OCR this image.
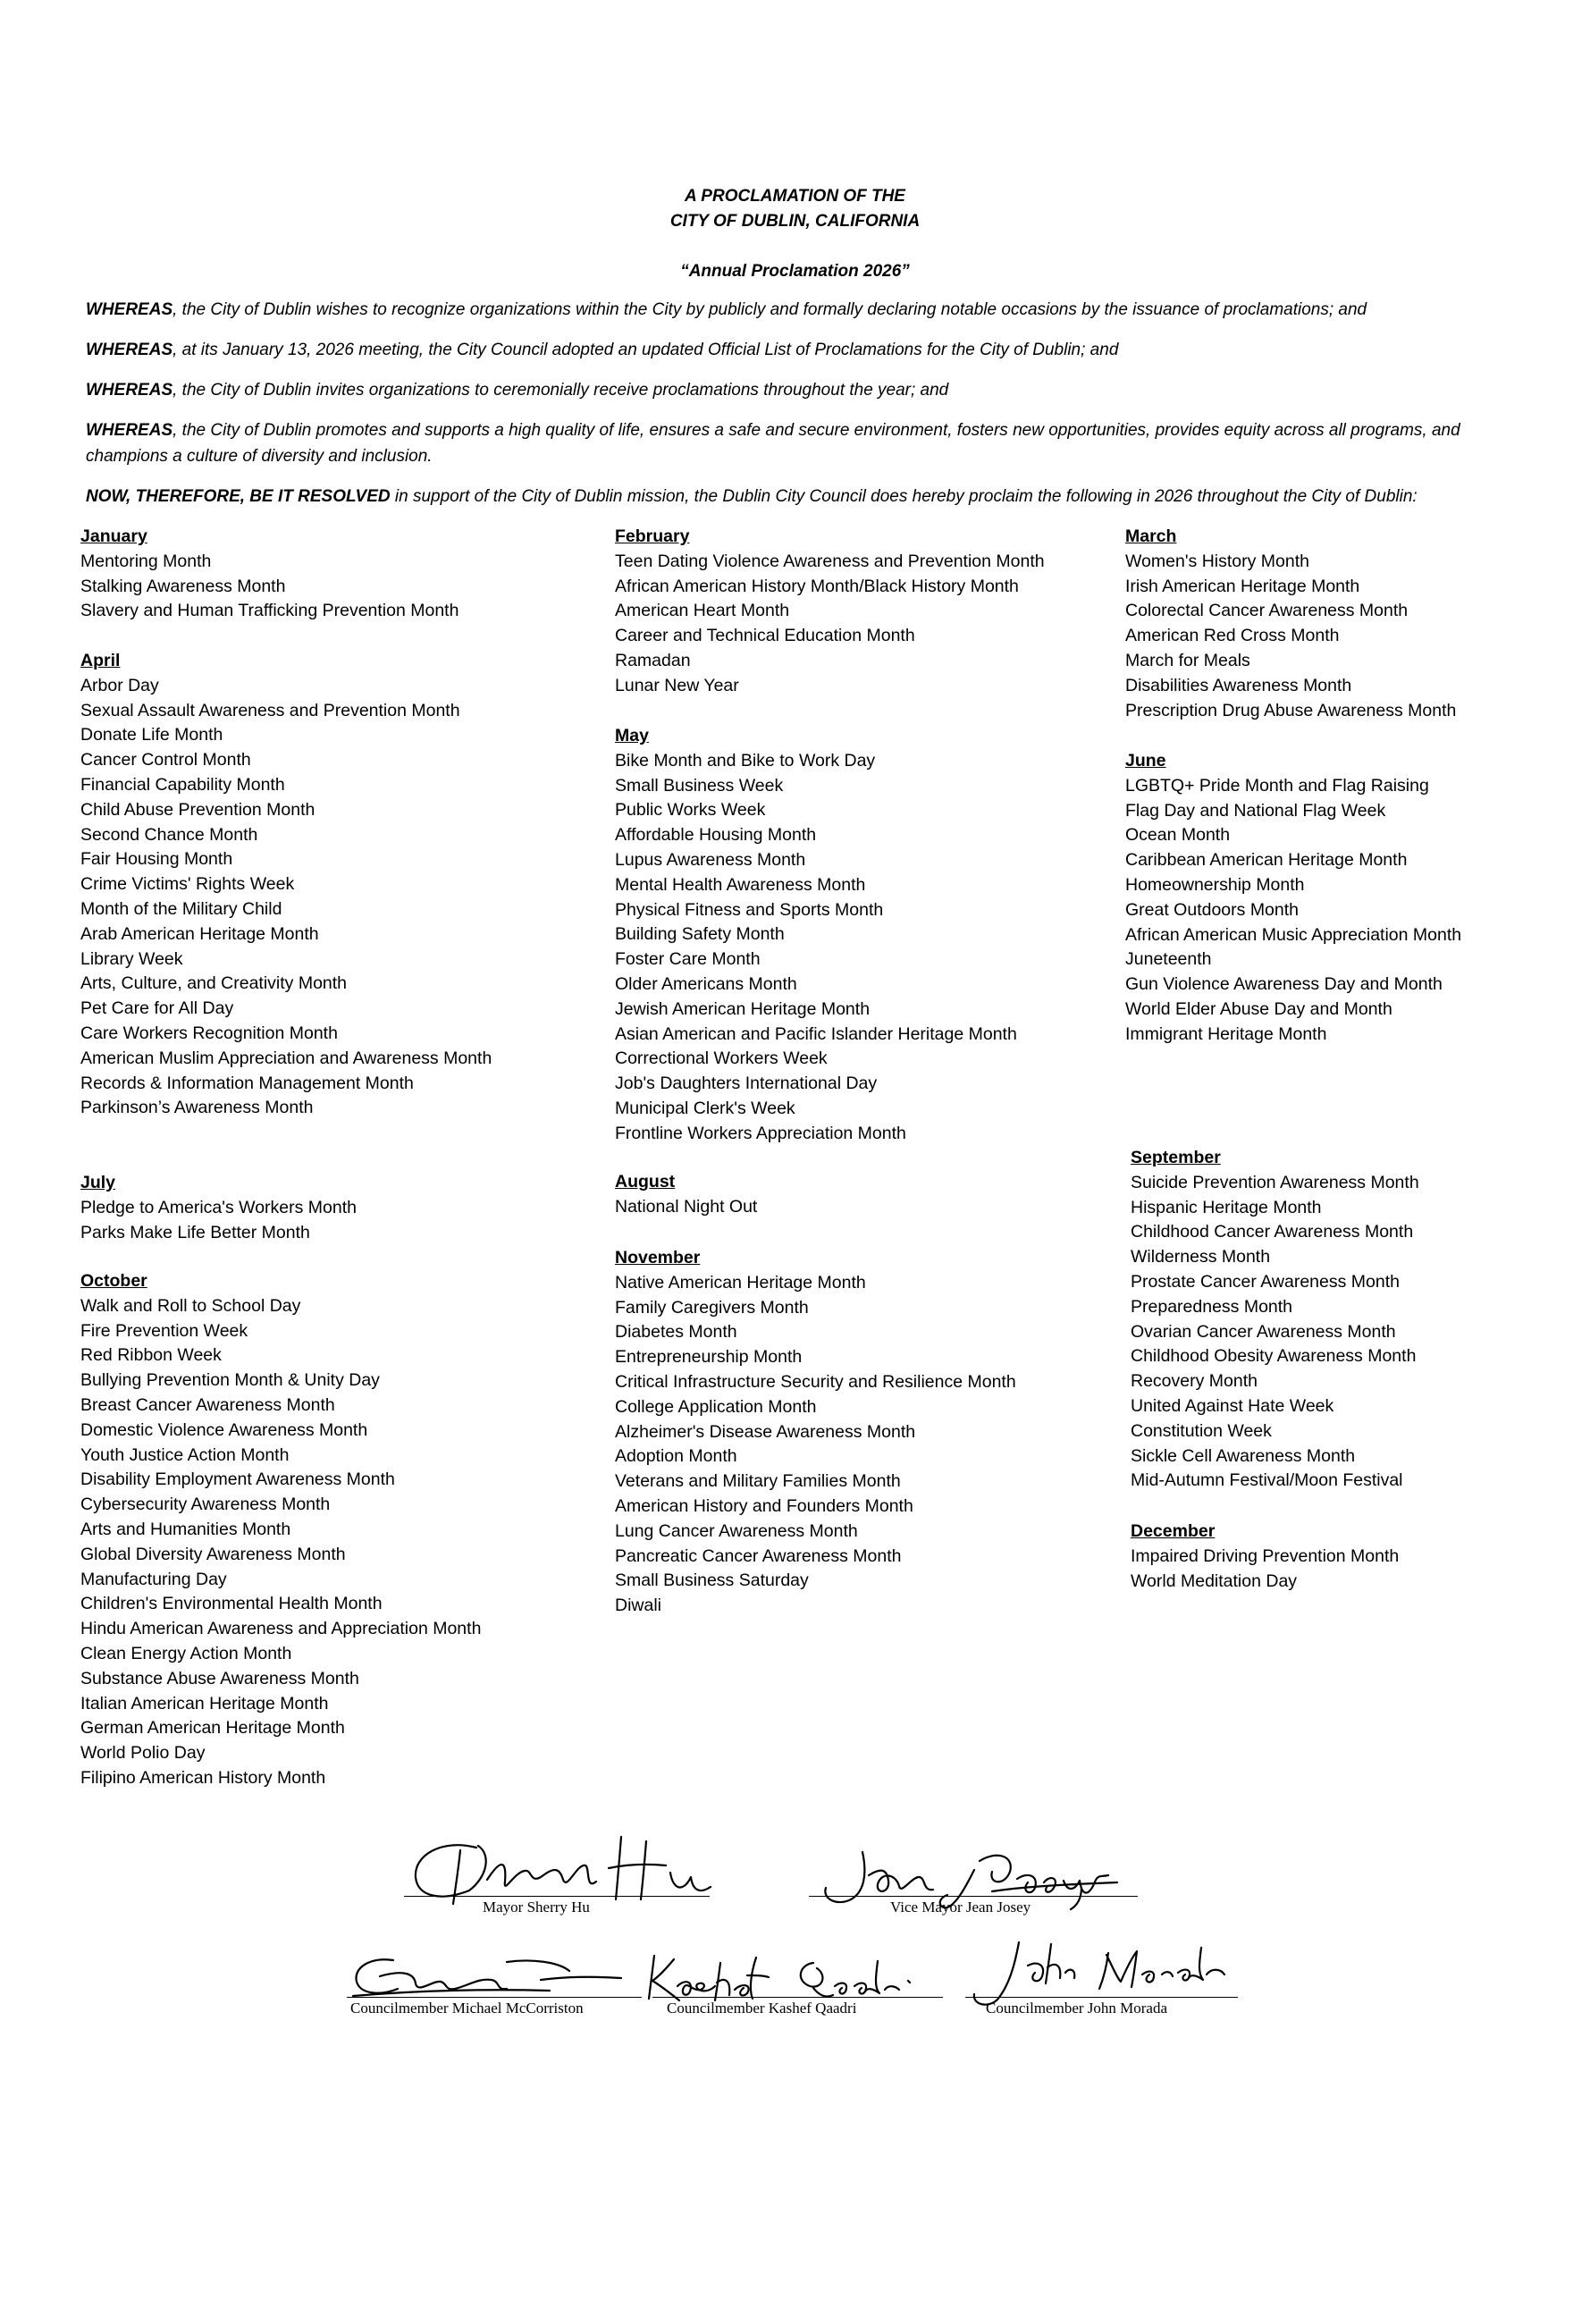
A PROCLAMATION OF THE
CITY OF DUBLIN, CALIFORNIA
“Annual Proclamation 2026”
WHEREAS, the City of Dublin wishes to recognize organizations within the City by publicly and formally declaring notable occasions by the issuance of proclamations; and
WHEREAS, at its January 13, 2026 meeting, the City Council adopted an updated Official List of Proclamations for the City of Dublin; and
WHEREAS, the City of Dublin invites organizations to ceremonially receive proclamations throughout the year; and
WHEREAS, the City of Dublin promotes and supports a high quality of life, ensures a safe and secure environment, fosters new opportunities, provides equity across all programs, and champions a culture of diversity and inclusion.
NOW, THEREFORE, BE IT RESOLVED in support of the City of Dublin mission, the Dublin City Council does hereby proclaim the following in 2026 throughout the City of Dublin:
January
Mentoring Month
Stalking Awareness Month
Slavery and Human Trafficking Prevention Month
April
Arbor Day
Sexual Assault Awareness and Prevention Month
Donate Life Month
Cancer Control Month
Financial Capability Month
Child Abuse Prevention Month
Second Chance Month
Fair Housing Month
Crime Victims' Rights Week
Month of the Military Child
Arab American Heritage Month
Library Week
Arts, Culture, and Creativity Month
Pet Care for All Day
Care Workers Recognition Month
American Muslim Appreciation and Awareness Month
Records & Information Management Month
Parkinson’s Awareness Month
July
Pledge to America's Workers Month
Parks Make Life Better Month
October
Walk and Roll to School Day
Fire Prevention Week
Red Ribbon Week
Bullying Prevention Month & Unity Day
Breast Cancer Awareness Month
Domestic Violence Awareness Month
Youth Justice Action Month
Disability Employment Awareness Month
Cybersecurity Awareness Month
Arts and Humanities Month
Global Diversity Awareness Month
Manufacturing Day
Children's Environmental Health Month
Hindu American Awareness and Appreciation Month
Clean Energy Action Month
Substance Abuse Awareness Month
Italian American Heritage Month
German American Heritage Month
World Polio Day
Filipino American History Month
February
Teen Dating Violence Awareness and Prevention Month
African American History Month/Black History Month
American Heart Month
Career and Technical Education Month
Ramadan
Lunar New Year
May
Bike Month and Bike to Work Day
Small Business Week
Public Works Week
Affordable Housing Month
Lupus Awareness Month
Mental Health Awareness Month
Physical Fitness and Sports Month
Building Safety Month
Foster Care Month
Older Americans Month
Jewish American Heritage Month
Asian American and Pacific Islander Heritage Month
Correctional Workers Week
Job's Daughters International Day
Municipal Clerk's Week
Frontline Workers Appreciation Month
August
National Night Out
November
Native American Heritage Month
Family Caregivers Month
Diabetes Month
Entrepreneurship Month
Critical Infrastructure Security and Resilience Month
College Application Month
Alzheimer's Disease Awareness Month
Adoption Month
Veterans and Military Families Month
American History and Founders Month
Lung Cancer Awareness Month
Pancreatic Cancer Awareness Month
Small Business Saturday
Diwali
March
Women's History Month
Irish American Heritage Month
Colorectal Cancer Awareness Month
American Red Cross Month
March for Meals
Disabilities Awareness Month
Prescription Drug Abuse Awareness Month
June
LGBTQ+ Pride Month and Flag Raising
Flag Day and National Flag Week
Ocean Month
Caribbean American Heritage Month
Homeownership Month
Great Outdoors Month
African American Music Appreciation Month
Juneteenth
Gun Violence Awareness Day and Month
World Elder Abuse Day and Month
Immigrant Heritage Month
September
Suicide Prevention Awareness Month
Hispanic Heritage Month
Childhood Cancer Awareness Month
Wilderness Month
Prostate Cancer Awareness Month
Preparedness Month
Ovarian Cancer Awareness Month
Childhood Obesity Awareness Month
Recovery Month
United Against Hate Week
Constitution Week
Sickle Cell Awareness Month
Mid-Autumn Festival/Moon Festival
December
Impaired Driving Prevention Month
World Meditation Day
Mayor Sherry Hu	Vice Mayor Jean Josey
Councilmember Michael McCorriston	Councilmember Kashef Qaadri	Councilmember John Morada
